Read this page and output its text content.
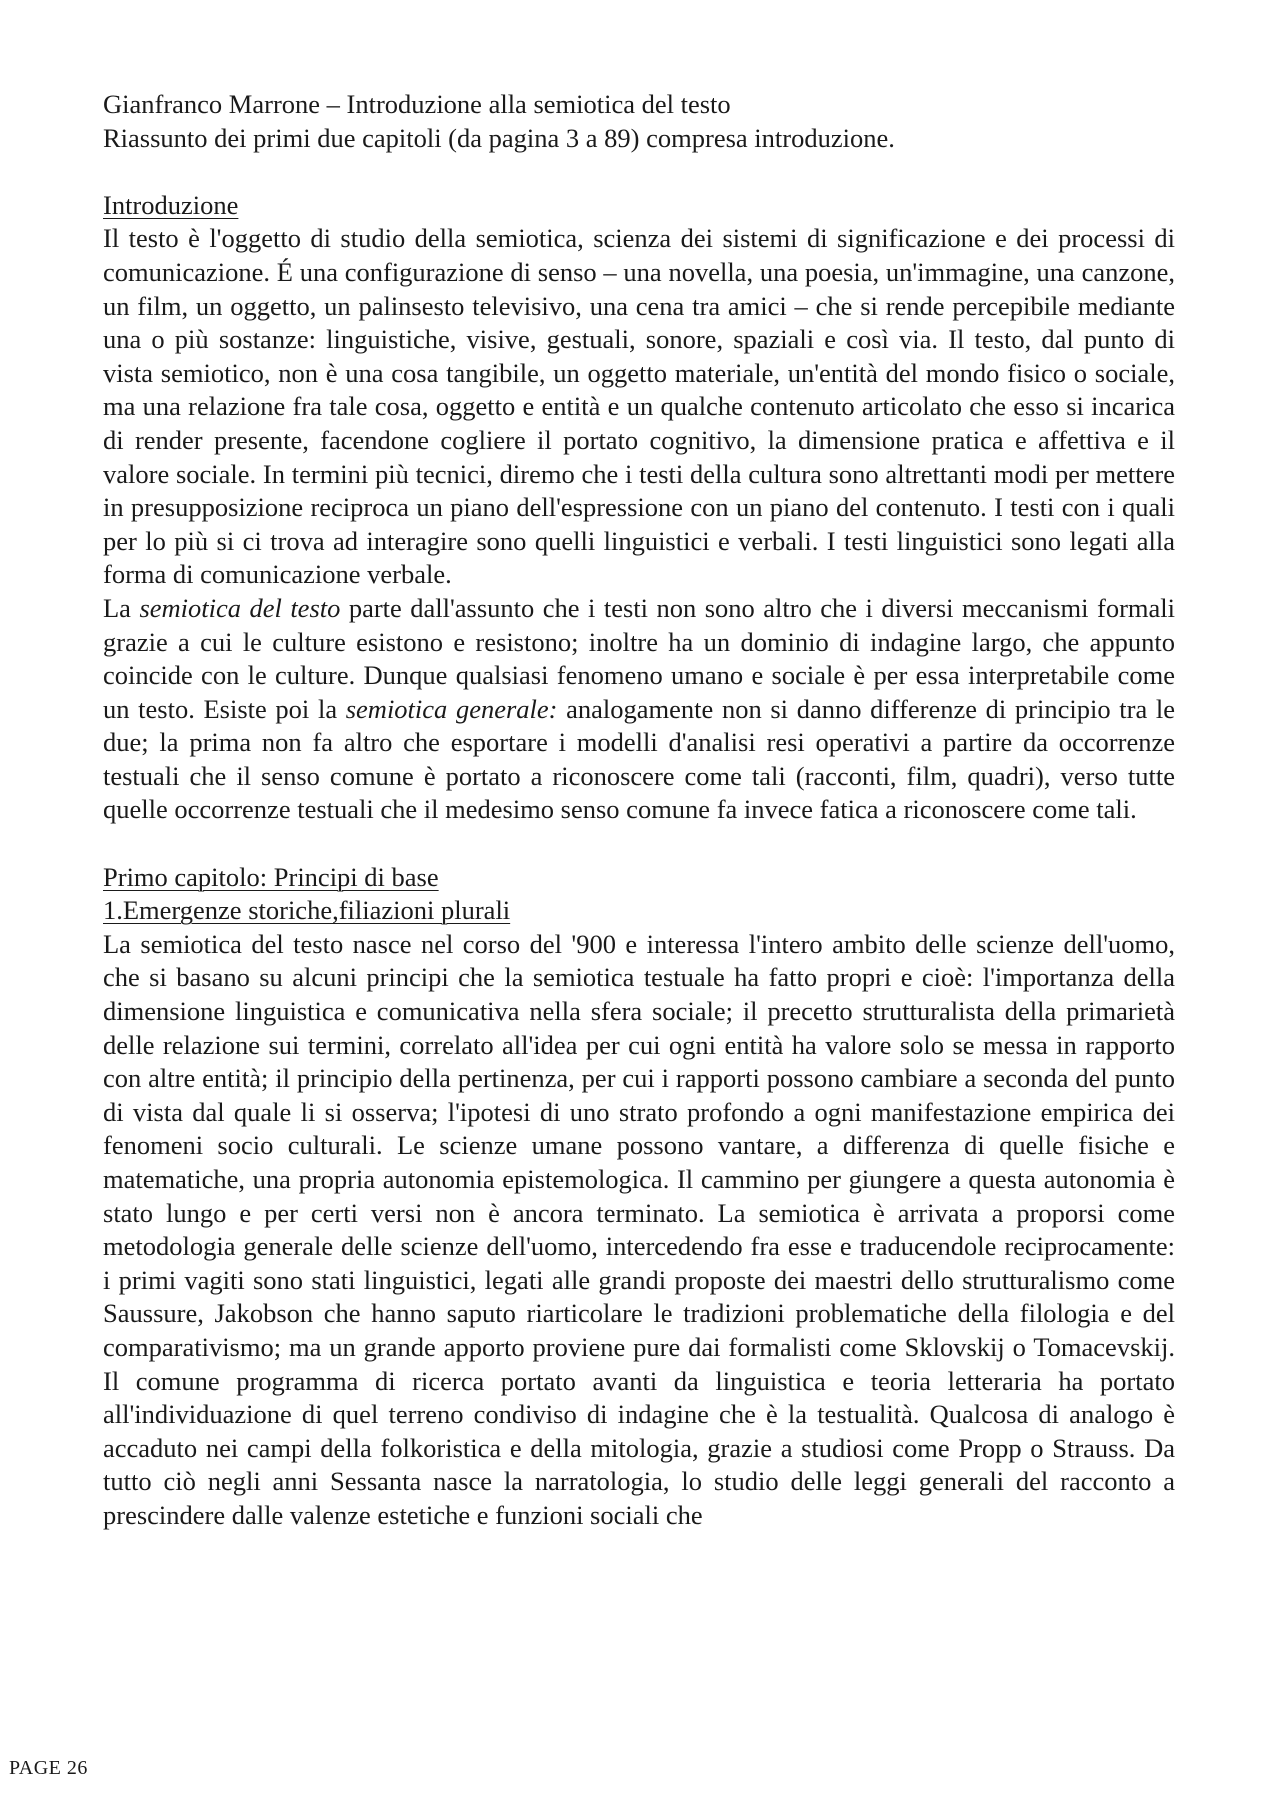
Gianfranco Marrone – Introduzione alla semiotica del testo
Riassunto dei primi due capitoli (da pagina 3 a 89) compresa introduzione.
Introduzione

Il testo è l'oggetto di studio della semiotica, scienza dei sistemi di significazione e dei processi di comunicazione. É una configurazione di senso – una novella, una poesia, un'immagine, una canzone, un film, un oggetto, un palinsesto televisivo, una cena tra amici – che si rende percepibile mediante una o più sostanze: linguistiche, visive, gestuali, sonore, spaziali e così via. Il testo, dal punto di vista semiotico, non è una cosa tangibile, un oggetto materiale, un'entità del mondo fisico o sociale, ma una relazione fra tale cosa, oggetto e entità e un qualche contenuto articolato che esso si incarica di render presente, facendone cogliere il portato cognitivo, la dimensione pratica e affettiva e il valore sociale. In termini più tecnici, diremo che i testi della cultura sono altrettanti modi per mettere in presupposizione reciproca un piano dell'espressione con un piano del contenuto. I testi con i quali per lo più si ci trova ad interagire sono quelli linguistici e verbali. I testi linguistici sono legati alla forma di comunicazione verbale.

La semiotica del testo parte dall'assunto che i testi non sono altro che i diversi meccanismi formali grazie a cui le culture esistono e resistono; inoltre ha un dominio di indagine largo, che appunto coincide con le culture. Dunque qualsiasi fenomeno umano e sociale è per essa interpretabile come un testo. Esiste poi la semiotica generale: analogamente non si danno differenze di principio tra le due; la prima non fa altro che esportare i modelli d'analisi resi operativi a partire da occorrenze testuali che il senso comune è portato a riconoscere come tali (racconti, film, quadri), verso tutte quelle occorrenze testuali che il medesimo senso comune fa invece fatica a riconoscere come tali.

Primo capitolo: Principi di base
1.Emergenze storiche,filiazioni plurali

La semiotica del testo nasce nel corso del '900 e interessa l'intero ambito delle scienze dell'uomo, che si basano su alcuni principi che la semiotica testuale ha fatto propri e cioè: l'importanza della dimensione linguistica e comunicativa nella sfera sociale; il precetto strutturalista della primarietà delle relazione sui termini, correlato all'idea per cui ogni entità ha valore solo se messa in rapporto con altre entità; il principio della pertinenza, per cui i rapporti possono cambiare a seconda del punto di vista dal quale li si osserva; l'ipotesi di uno strato profondo a ogni manifestazione empirica dei fenomeni socio culturali. Le scienze umane possono vantare, a differenza di quelle fisiche e matematiche, una propria autonomia epistemologica. Il cammino per giungere a questa autonomia è stato lungo e per certi versi non è ancora terminato. La semiotica è arrivata a proporsi come metodologia generale delle scienze dell'uomo, intercedendo fra esse e traducendole reciprocamente: i primi vagiti sono stati linguistici, legati alle grandi proposte dei maestri dello strutturalismo come Saussure, Jakobson che hanno saputo riarticolare le tradizioni problematiche della filologia e del comparativismo; ma un grande apporto proviene pure dai formalisti come Sklovskij o Tomacevskij. Il comune programma di ricerca portato avanti da linguistica e teoria letteraria ha portato all'individuazione di quel terreno condiviso di indagine che è la testualità. Qualcosa di analogo è accaduto nei campi della folkoristica e della mitologia, grazie a studiosi come Propp o Strauss. Da tutto ciò negli anni Sessanta nasce la narratologia, lo studio delle leggi generali del racconto a prescindere dalle valenze estetiche e funzioni sociali che

PAGE 26
